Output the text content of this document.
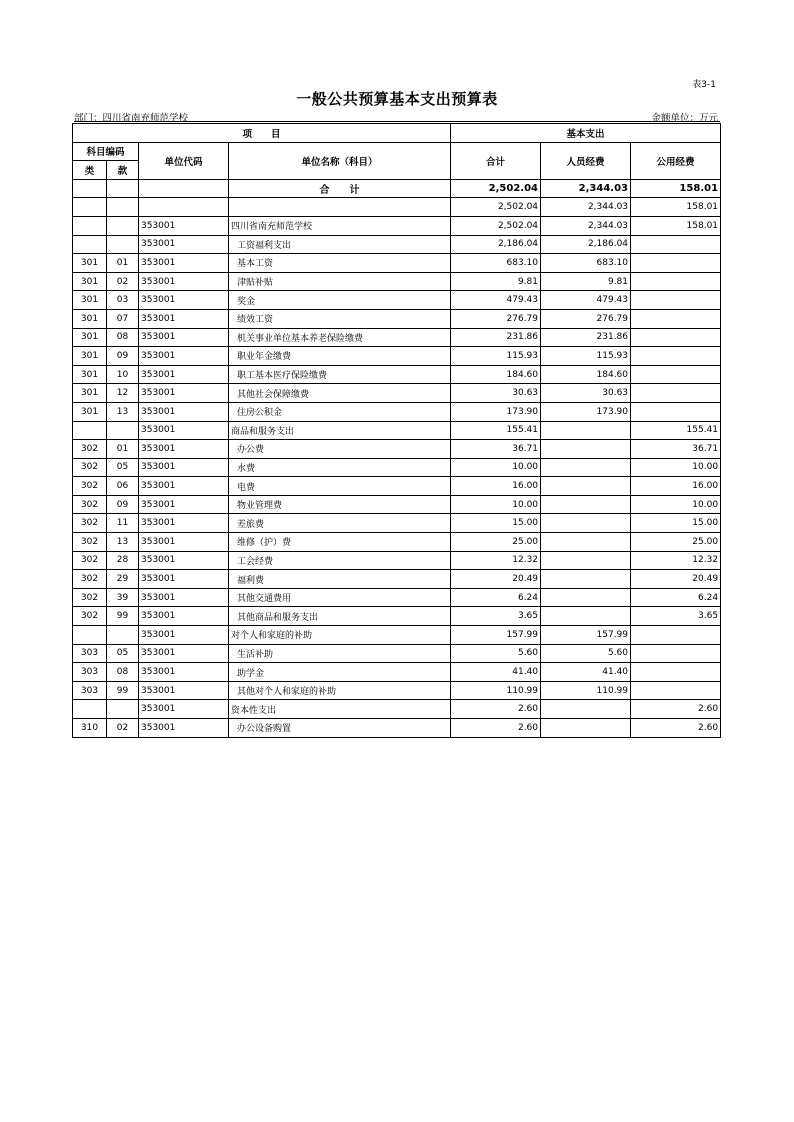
表3-1
一般公共预算基本支出预算表
部门：四川省南充师范学校	金额单位：万元
项　　目				基本支出		
科目编码		单位代码	单位名称（科目）	合计	人员经费	公用经费
类	款					
			合　　计	2,502.04	2,344.03	158.01
				2,502.04	2,344.03	158.01
		353001	四川省南充师范学校	2,502.04	2,344.03	158.01
		353001	工资福利支出	2,186.04	2,186.04	
301	01	353001	基本工资	683.10	683.10	
301	02	353001	津贴补贴	9.81	9.81	
301	03	353001	奖金	479.43	479.43	
301	07	353001	绩效工资	276.79	276.79	
301	08	353001	机关事业单位基本养老保险缴费	231.86	231.86	
301	09	353001	职业年金缴费	115.93	115.93	
301	10	353001	职工基本医疗保险缴费	184.60	184.60	
301	12	353001	其他社会保障缴费	30.63	30.63	
301	13	353001	住房公积金	173.90	173.90	
		353001	商品和服务支出	155.41		155.41
302	01	353001	办公费	36.71		36.71
302	05	353001	水费	10.00		10.00
302	06	353001	电费	16.00		16.00
302	09	353001	物业管理费	10.00		10.00
302	11	353001	差旅费	15.00		15.00
302	13	353001	维修（护）费	25.00		25.00
302	28	353001	工会经费	12.32		12.32
302	29	353001	福利费	20.49		20.49
302	39	353001	其他交通费用	6.24		6.24
302	99	353001	其他商品和服务支出	3.65		3.65
		353001	对个人和家庭的补助	157.99	157.99	
303	05	353001	生活补助	5.60	5.60	
303	08	353001	助学金	41.40	41.40	
303	99	353001	其他对个人和家庭的补助	110.99	110.99	
		353001	资本性支出	2.60		2.60
310	02	353001	办公设备购置	2.60		2.60
